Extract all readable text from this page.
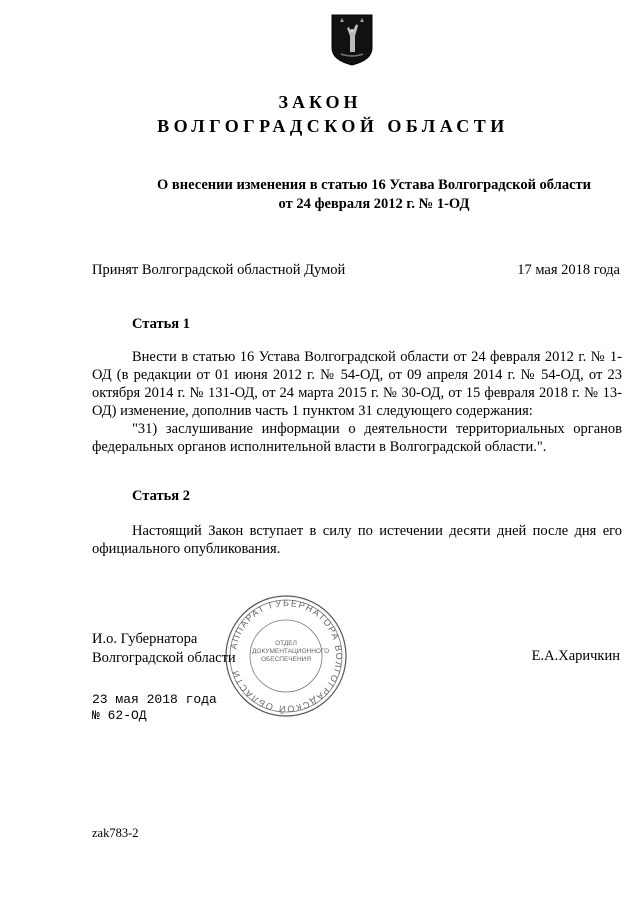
ЗАКОН
ВОЛГОГРАДСКОЙ ОБЛАСТИ
О внесении изменения в статью 16 Устава Волгоградской области
от 24 февраля 2012 г. № 1-ОД
Принят Волгоградской областной Думой	17 мая 2018 года
Статья 1

Внести в статью 16 Устава Волгоградской области от 24 февраля 2012 г. № 1-ОД (в редакции от 01 июня 2012 г. № 54-ОД, от 09 апреля 2014 г. № 54-ОД, от 23 октября 2014 г. № 131-ОД, от 24 марта 2015 г. № 30-ОД, от 15 февраля 2018 г. № 13-ОД) изменение, дополнив часть 1 пунктом 31 следующего содержания:

"31) заслушивание информации о деятельности территориальных органов федеральных органов исполнительной власти в Волгоградской области.".

Статья 2

Настоящий Закон вступает в силу по истечении десяти дней после дня его официального опубликования.

АППАРАТ ГУБЕРНАТОРА ВОЛГОГРАДСКОЙ ОБЛАСТИ
ОТДЕЛ ДОКУМЕНТАЦИОННОГО ОБЕСПЕЧЕНИЯ
И.о. Губернатора
Волгоградской области	Е.А.Харичкин
23 мая 2018 года
№ 62-ОД
zak783-2
